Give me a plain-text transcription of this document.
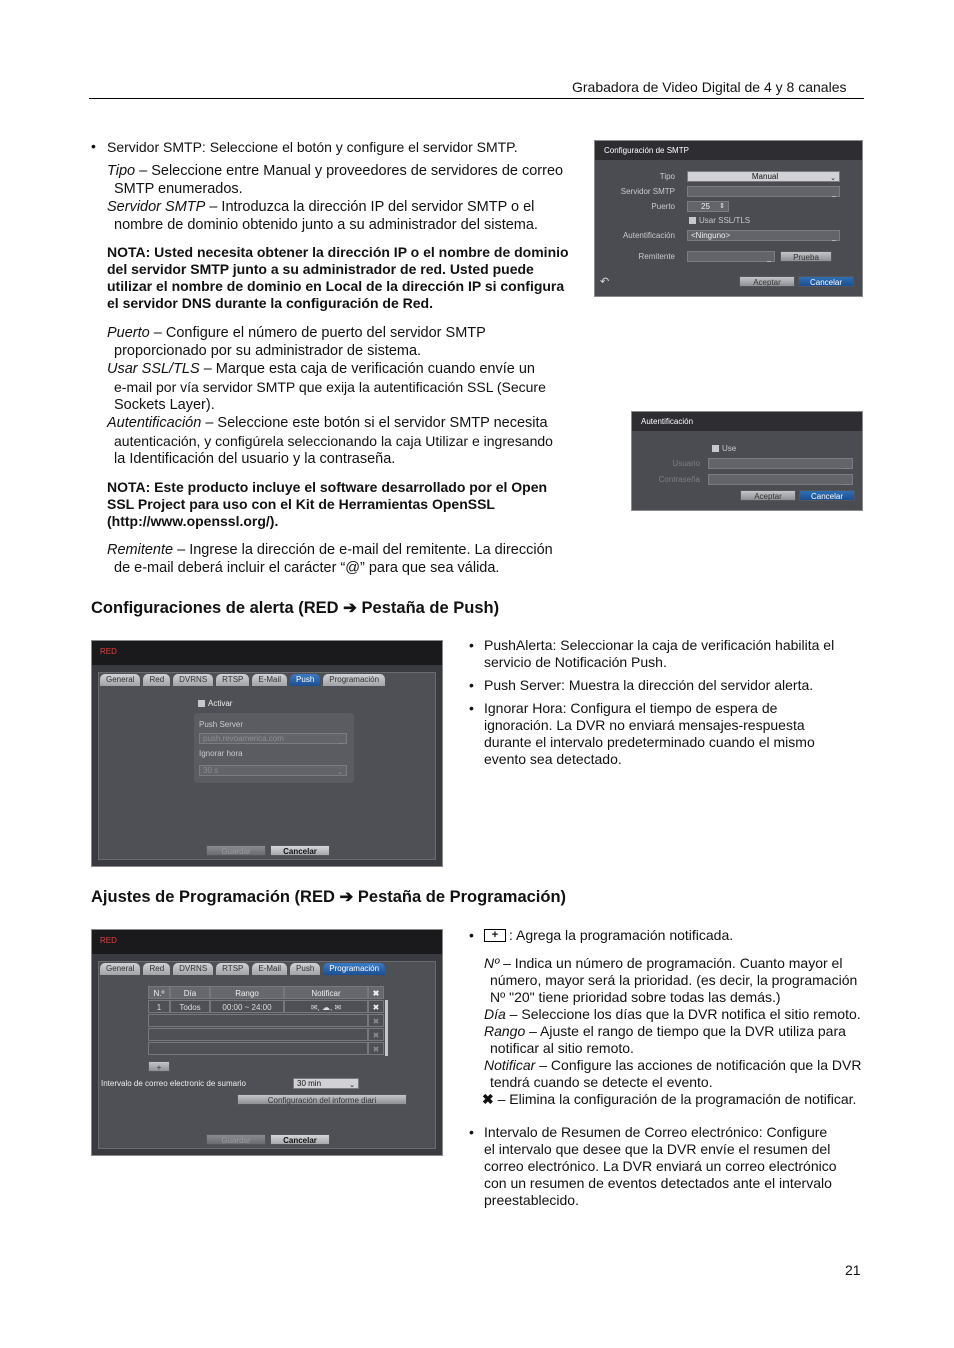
Grabadora de Video Digital de 4 y 8 canales
• Servidor SMTP: Seleccione el botón y configure el servidor SMTP.
Tipo – Seleccione entre Manual y proveedores de servidores de correo
SMTP enumerados.
Servidor SMTP – Introduzca la dirección IP del servidor SMTP o el
nombre de dominio obtenido junto a su administrador del sistema.
NOTA: Usted necesita obtener la dirección IP o el nombre de dominio
del servidor SMTP junto a su administrador de red. Usted puede
utilizar el nombre de dominio en Local de la dirección IP si configura
el servidor DNS durante la configuración de Red.
Puerto – Configure el número de puerto del servidor SMTP
proporcionado por su administrador de sistema.
Usar SSL/TLS – Marque esta caja de verificación cuando envíe un
e-mail por vía servidor SMTP que exija la autentificación SSL (Secure
Sockets Layer).
Autentificación – Seleccione este botón si el servidor SMTP necesita
autenticación, y configúrela seleccionando la caja Utilizar e ingresando
la Identificación del usuario y la contraseña.
NOTA: Este producto incluye el software desarrollado por el Open
SSL Project para uso con el Kit de Herramientas OpenSSL
(http://www.openssl.org/).
Remitente – Ingrese la dirección de e-mail del remitente. La dirección
de e-mail deberá incluir el carácter “@” para que sea válida.
Configuración de SMTP
Tipo	Manual	⌄
Servidor SMTP	_
Puerto	25 ⇕
Usar SSL/TLS
Autentificación	<Ninguno>	_
Remitente	_	Prueba
↶	Aceptar	Cancelar
Autentificación
Use
Usuario	_
Contraseña	_
Aceptar	Cancelar
Configuraciones de alerta (RED ➔ Pestaña de Push)
RED
General	Red	DVRNS	RTSP	E-Mail	Push	Programación
Activar
Push Server
push.revoamerica.com	_
Ignorar hora
30 s	⌄
Guardar	Cancelar
• PushAlerta: Seleccionar la caja de verificación habilita el
servicio de Notificación Push.
• Push Server: Muestra la dirección del servidor alerta.
• Ignorar Hora: Configura el tiempo de espera de
ignoración. La DVR no enviará mensajes-respuesta
durante el intervalo predeterminado cuando el mismo
evento sea detectado.
Ajustes de Programación (RED ➔ Pestaña de Programación)
RED
General	Red	DVRNS	RTSP	E-Mail	Push	Programación
N.º	Día	Rango	Notificar	✖
1	Todos	00:00 ~ 24:00	✉, ☁, ✉	✖
✖
✖
✖
+
Intervalo de correo electronic de sumario	30 min	⌄
Configuración del informe diari
Guardar	Cancelar
•	+ : Agrega la programación notificada.
Nº – Indica un número de programación. Cuanto mayor el
número, mayor será la prioridad. (es decir, la programación
Nº "20" tiene prioridad sobre todas las demás.)
Día – Seleccione los días que la DVR notifica el sitio remoto.
Rango – Ajuste el rango de tiempo que la DVR utiliza para
notificar al sitio remoto.
Notificar – Configure las acciones de notificación que la DVR
tendrá cuando se detecte el evento.
✖ – Elimina la configuración de la programación de notificar.
• Intervalo de Resumen de Correo electrónico: Configure
el intervalo que desee que la DVR envíe el resumen del
correo electrónico. La DVR enviará un correo electrónico
con un resumen de eventos detectados ante el intervalo
preestablecido.
21
